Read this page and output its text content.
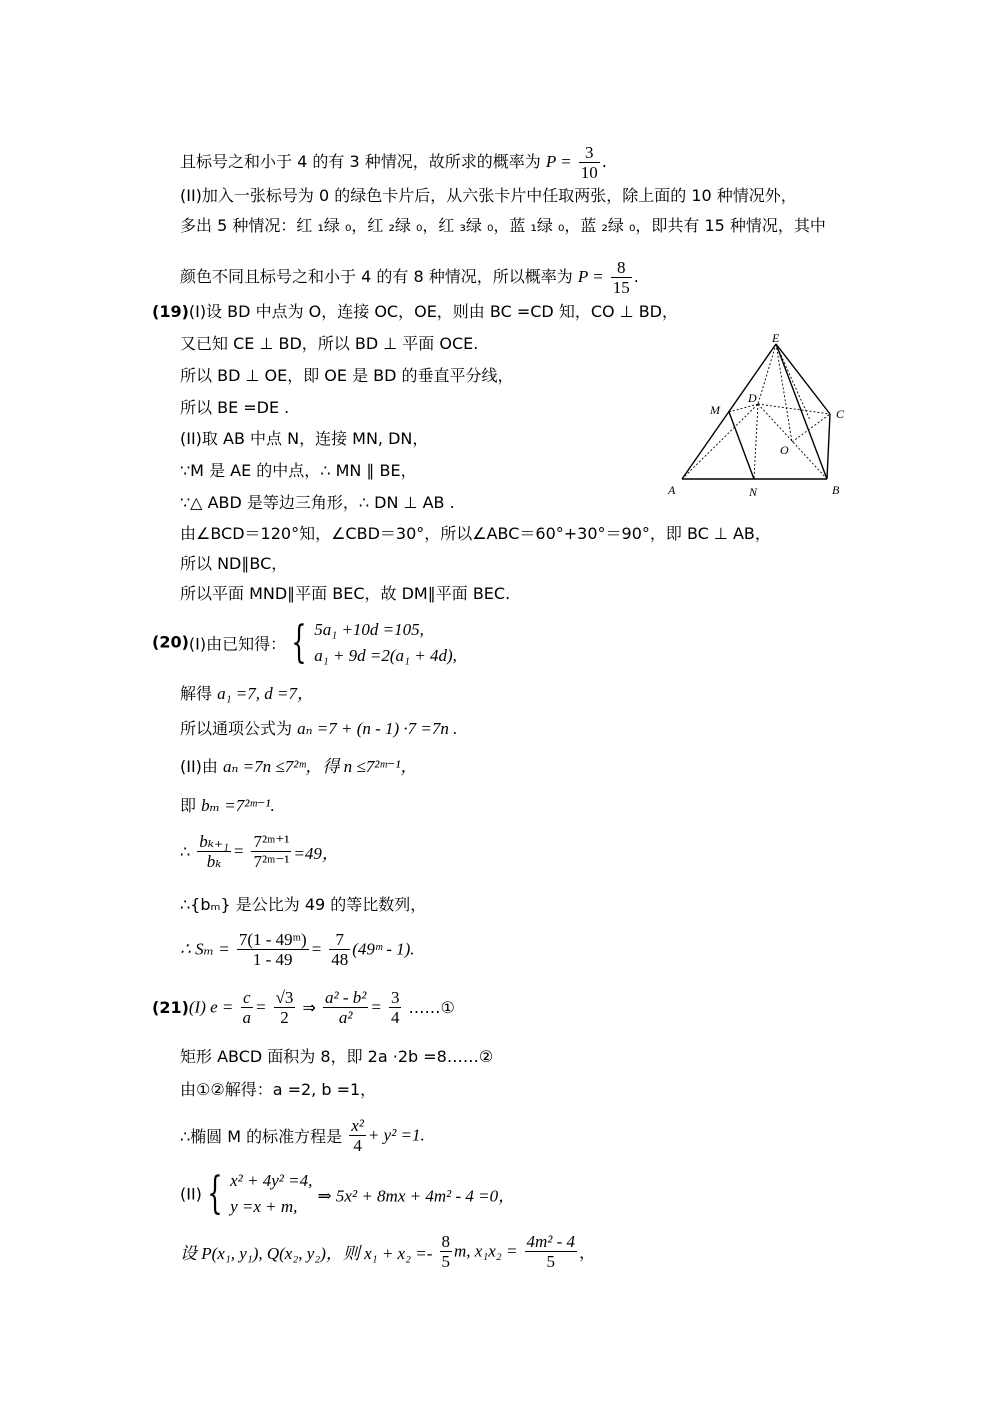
且标号之和小于 4 的有 3 种情况，故所求的概率为 $P = \frac{3}{10}$ .
(II)加入一张标号为 0 的绿色卡片后，从六张卡片中任取两张，除上面的 10 种情况外，
多出 5 种情况：红 ₁绿 ₀，红 ₂绿 ₀，红 ₃绿 ₀，蓝 ₁绿 ₀，蓝 ₂绿 ₀，即共有 15 种情况，其中
颜色不同且标号之和小于 4 的有 8 种情况，所以概率为 $P = \frac{8}{15}$ .
(19)(I)设 BD 中点为 O，连接 OC，OE，则由 BC =CD 知，CO ⊥ BD，
又已知 CE ⊥ BD，所以 BD ⊥ 平面 OCE.
所以 BD ⊥ OE，即 OE 是 BD 的垂直平分线，
所以 BE =DE .
(II)取 AB 中点 N，连接 MN, DN，
∵M 是 AE 的中点，∴ MN ∥ BE，
∵△ ABD 是等边三角形，∴ DN ⊥ AB .
由∠BCD＝120°知，∠CBD＝30°，所以∠ABC＝60°+30°＝90°，即 BC ⊥ AB，
所以 ND∥BC，
所以平面 MND∥平面 BEC，故 DM∥平面 BEC.
E
M
D
C
O
A	N	B
(20)(I)由已知得： { 5a₁ +10d =105,
a₁ + 9d =2(a₁ + 4d),
解得 a₁ =7, d =7，
所以通项公式为 aₙ =7 + (n - 1) ·7 =7n .
(II)由 aₙ =7n ≤7²ᵐ，得 n ≤7²ᵐ⁻¹，
即 bₘ =7²ᵐ⁻¹.
∴ $\frac{\text{bₖ₊₁}}{\text{bₖ}} = \frac{\text{7²ᵐ⁺¹}}{\text{7²ᵐ⁻¹}} =49$，
∴{bₘ} 是公比为 49 的等比数列，
∴ $S_m = \frac{\text{7(1 - 49ᵐ)}}{1 - 49} = \frac{7}{48}$ (49ᵐ - 1).
(21)(I) $e = \frac{c}{a} = \frac{√3}{2}$ ⇒ $\frac{\text{a² - b²}}{\text{a²}} = \frac{3}{4}$ ……①
矩形 ABCD 面积为 8，即 2a ·2b =8……②
由①②解得：a =2, b =1，
∴椭圆 M 的标准方程是 $\frac{\text{x²}}{4} + y^2 =1$.
(II) { x² + 4y² =4,
y =x + m,
⇒ 5x² + 8mx + 4m² - 4 =0，
设 P(x₁, y₁), Q(x₂, y₂)，则 $x_1 + x_2 =- \frac{8}{5} m$, $x_1x_2 = \frac{\text{4m² - 4}}{5}$ ，
